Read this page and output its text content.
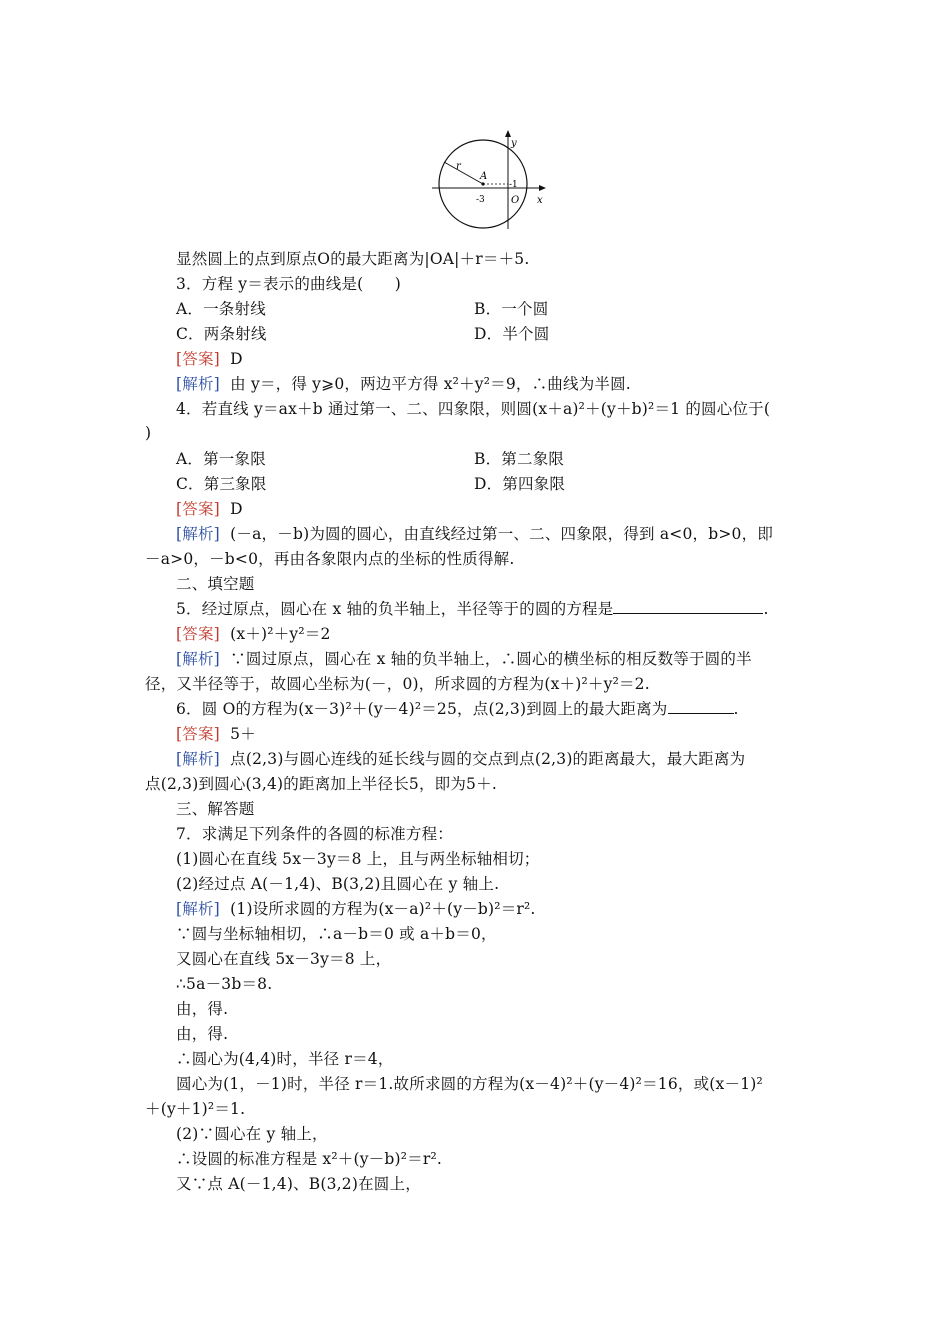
r
A
y
x
-1
-3	O
显然圆上的点到原点O的最大距离为|OA|＋r＝＋5.
3．方程 y＝表示的曲线是(　　)
A．一条射线	B．一个圆
C．两条射线	D．半个圆
[答案] D
[解析] 由 y＝，得 y⩾0，两边平方得 x²＋y²＝9，∴曲线为半圆.
4．若直线 y＝ax＋b 通过第一、二、四象限，则圆(x＋a)²＋(y＋b)²＝1 的圆心位于(
)
A．第一象限	B．第二象限
C．第三象限	D．第四象限
[答案] D
[解析] (－a，－b)为圆的圆心，由直线经过第一、二、四象限，得到 a<0，b>0，即
－a>0，－b<0，再由各象限内点的坐标的性质得解.
二、填空题
5．经过原点，圆心在 x 轴的负半轴上，半径等于的圆的方程是	.
[答案] (x＋)²＋y²＝2
[解析] ∵圆过原点，圆心在 x 轴的负半轴上，∴圆心的横坐标的相反数等于圆的半
径，又半径等于，故圆心坐标为(－，0)，所求圆的方程为(x＋)²＋y²＝2.
6．圆 O的方程为(x－3)²＋(y－4)²＝25，点(2,3)到圆上的最大距离为	.
[答案] 5＋
[解析] 点(2,3)与圆心连线的延长线与圆的交点到点(2,3)的距离最大，最大距离为
点(2,3)到圆心(3,4)的距离加上半径长5，即为5＋.
三、解答题
7．求满足下列条件的各圆的标准方程：
(1)圆心在直线 5x－3y＝8 上，且与两坐标轴相切；
(2)经过点 A(－1,4)、B(3,2)且圆心在 y 轴上.
[解析] (1)设所求圆的方程为(x－a)²＋(y－b)²＝r².
∵圆与坐标轴相切，∴a－b＝0 或 a＋b＝0，
又圆心在直线 5x－3y＝8 上，
∴5a－3b＝8.
由，得.
由，得.
∴圆心为(4,4)时，半径 r＝4，
圆心为(1，－1)时，半径 r＝1.故所求圆的方程为(x－4)²＋(y－4)²＝16，或(x－1)²
＋(y＋1)²＝1.
(2)∵圆心在 y 轴上，
∴设圆的标准方程是 x²＋(y－b)²＝r².
又∵点 A(－1,4)、B(3,2)在圆上，
